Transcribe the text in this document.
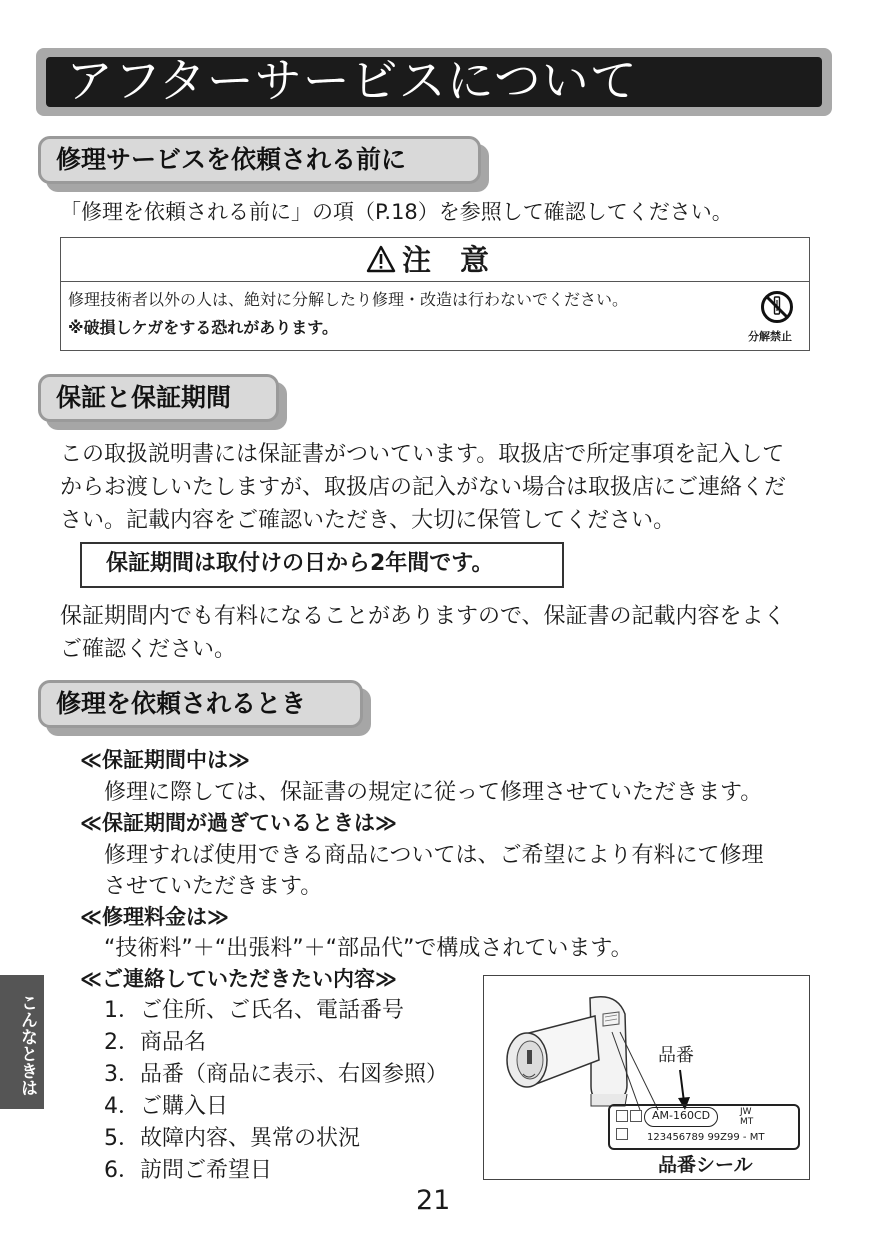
アフターサービスについて
修理サービスを依頼される前に
「修理を依頼される前に」の項（P.18）を参照して確認してください。
注　意
修理技術者以外の人は、絶対に分解したり修理・改造は行わないでください。
※破損しケガをする恐れがあります。	分解禁止
保証と保証期間
この取扱説明書には保証書がついています。取扱店で所定事項を記入して
からお渡しいたしますが、取扱店の記入がない場合は取扱店にご連絡くだ
さい。記載内容をご確認いただき、大切に保管してください。
保証期間は取付けの日から2年間です。
保証期間内でも有料になることがありますので、保証書の記載内容をよく
ご確認ください。
修理を依頼されるとき
≪保証期間中は≫
修理に際しては、保証書の規定に従って修理させていただきます。
≪保証期間が過ぎているときは≫
修理すれば使用できる商品については、ご希望により有料にて修理
させていただきます。
≪修理料金は≫
“技術料”＋“出張料”＋“部品代”で構成されています。
≪ご連絡していただきたい内容≫
1．ご住所、ご氏名、電話番号
2．商品名
3．品番（商品に表示、右図参照）
4．ご購入日
5．故障内容、異常の状況
6．訪問ご希望日
こんなときは	品番
AM-160CD	JW
MT
123456789 99Z99 - MT
品番シール
21
